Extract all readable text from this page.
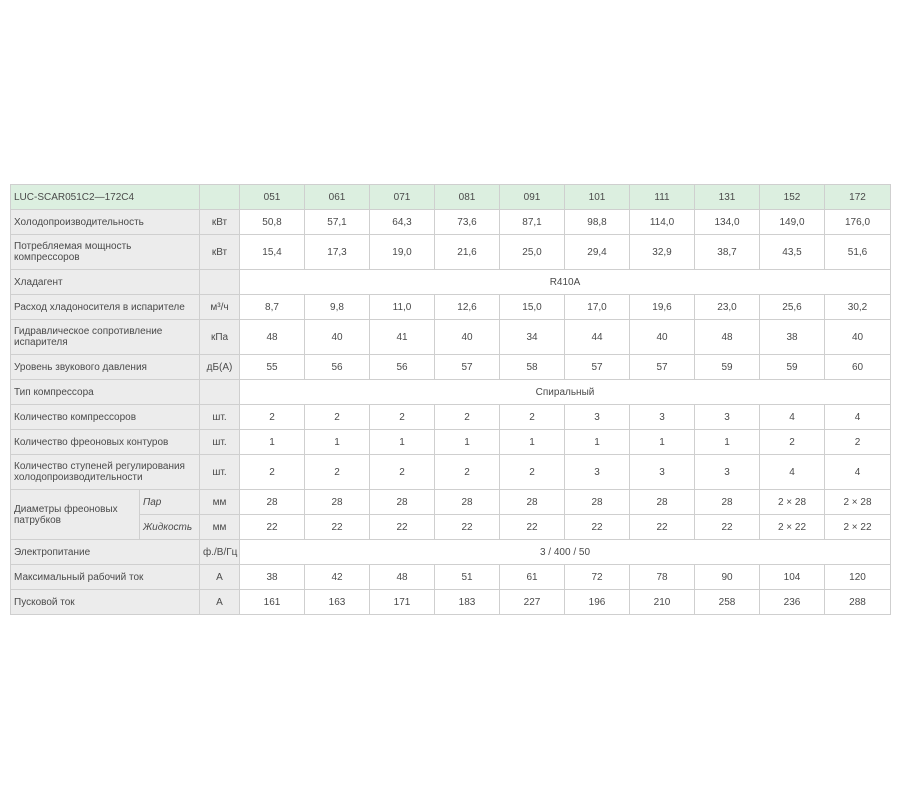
LUC-SCAR051C2—172C4			051	061	071	081	091	101	111	131	152	172
Холодопроизводительность		кВт	50,8	57,1	64,3	73,6	87,1	98,8	114,0	134,0	149,0	176,0
Потребляемая мощность компрессоров		кВт	15,4	17,3	19,0	21,6	25,0	29,4	32,9	38,7	43,5	51,6
Хладагент			R410A									
Расход хладоносителя в испарителе		м³/ч	8,7	9,8	11,0	12,6	15,0	17,0	19,6	23,0	25,6	30,2
Гидравлическое сопротивление испарителя		кПа	48	40	41	40	34	44	40	48	38	40
Уровень звукового давления		дБ(А)	55	56	56	57	58	57	57	59	59	60
Тип компрессора			Спиральный									
Количество компрессоров		шт.	2	2	2	2	2	3	3	3	4	4
Количество фреоновых контуров		шт.	1	1	1	1	1	1	1	1	2	2
Количество ступеней регулирования холодопроизводительности		шт.	2	2	2	2	2	3	3	3	4	4
Диаметры фреоновых патрубков	Пар	мм	28	28	28	28	28	28	28	28	2 × 28	2 × 28
	Жидкость	мм	22	22	22	22	22	22	22	22	2 × 22	2 × 22
Электропитание		ф./В/Гц	3 / 400 / 50									
Максимальный рабочий ток		А	38	42	48	51	61	72	78	90	104	120
Пусковой ток		А	161	163	171	183	227	196	210	258	236	288
